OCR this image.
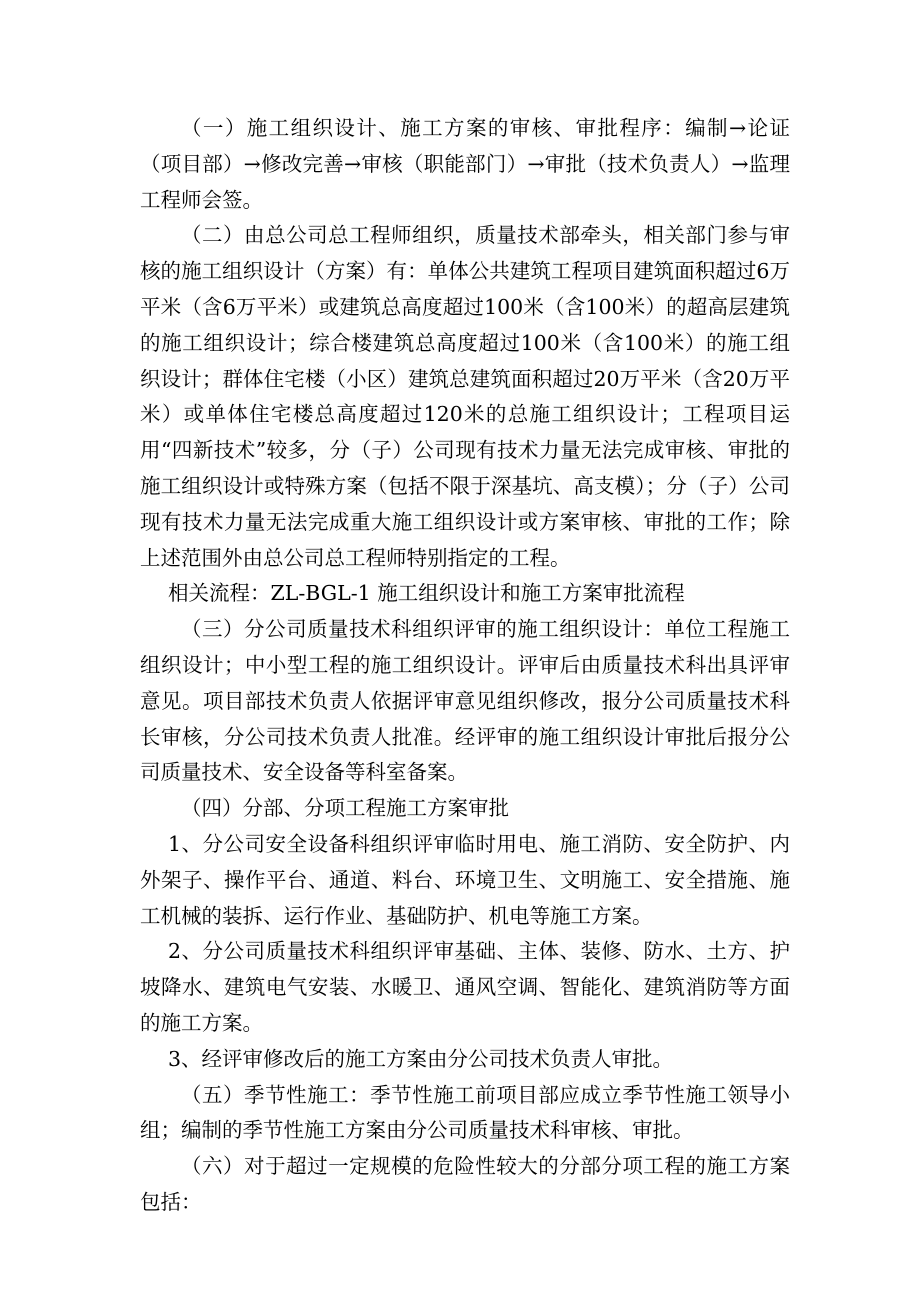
（一）施工组织设计、施工方案的审核、审批程序：编制→论证（项目部）→修改完善→审核（职能部门）→审批（技术负责人）→监理工程师会签。

（二）由总公司总工程师组织，质量技术部牵头，相关部门参与审核的施工组织设计（方案）有：单体公共建筑工程项目建筑面积超过6万平米（含6万平米）或建筑总高度超过100米（含100米）的超高层建筑的施工组织设计；综合楼建筑总高度超过100米（含100米）的施工组织设计；群体住宅楼（小区）建筑总建筑面积超过20万平米（含20万平米）或单体住宅楼总高度超过120米的总施工组织设计；工程项目运用“四新技术”较多，分（子）公司现有技术力量无法完成审核、审批的施工组织设计或特殊方案（包括不限于深基坑、高支模）；分（子）公司现有技术力量无法完成重大施工组织设计或方案审核、审批的工作；除上述范围外由总公司总工程师特别指定的工程。

相关流程：ZL-BGL-1 施工组织设计和施工方案审批流程

（三）分公司质量技术科组织评审的施工组织设计：单位工程施工组织设计；中小型工程的施工组织设计。评审后由质量技术科出具评审意见。项目部技术负责人依据评审意见组织修改，报分公司质量技术科长审核，分公司技术负责人批准。经评审的施工组织设计审批后报分公司质量技术、安全设备等科室备案。

（四）分部、分项工程施工方案审批

1、分公司安全设备科组织评审临时用电、施工消防、安全防护、内外架子、操作平台、通道、料台、环境卫生、文明施工、安全措施、施工机械的装拆、运行作业、基础防护、机电等施工方案。

2、分公司质量技术科组织评审基础、主体、装修、防水、土方、护坡降水、建筑电气安装、水暖卫、通风空调、智能化、建筑消防等方面的施工方案。

3、经评审修改后的施工方案由分公司技术负责人审批。

（五）季节性施工：季节性施工前项目部应成立季节性施工领导小组；编制的季节性施工方案由分公司质量技术科审核、审批。

（六）对于超过一定规模的危险性较大的分部分项工程的施工方案包括：
